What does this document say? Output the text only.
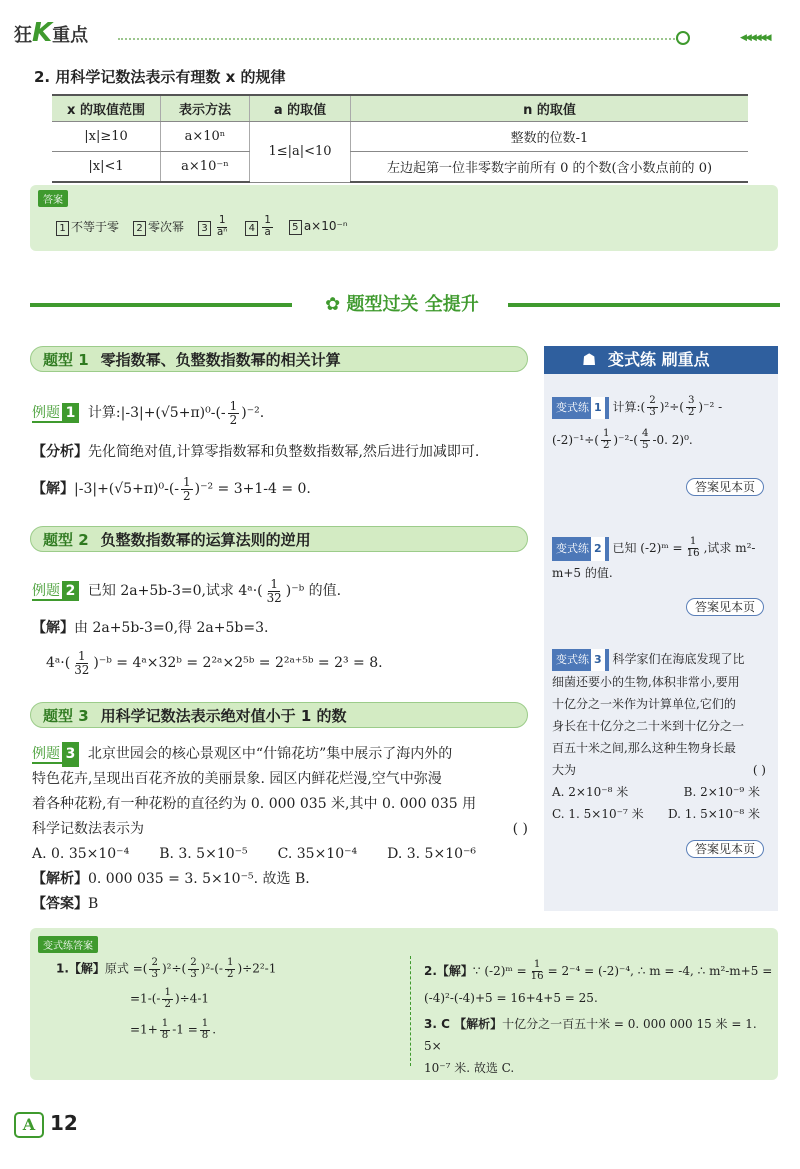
狂K重点	◀◀◀◀◀◀
2. 用科学记数法表示有理数 x 的规律
x 的取值范围	表示方法	a 的取值	n 的取值
|x|≥10	a×10ⁿ	1≤|a|<10	整数的位数-1
|x|<1	a×10⁻ⁿ		左边起第一位非零数字前所有 0 的个数(含小数点前的 0)
答案
1 不等于零	2 零次幂	$3 \frac{1}{\text{aⁿ}}$	$4 \frac{1}{a}$	5 a×10⁻ⁿ
✿ 题型过关 全提升
题型 1 零指数幂、负整数指数幂的相关计算
例题 1 计算:|-3|+(√5+π)⁰-(- $\frac{1}{2} )^{-2}$.
【分析】先化简绝对值,计算零指数幂和负整数指数幂,然后进行加减即可.
【解】$|-3|+(√5+\pi)^0-(- \frac{1}{2} )^{-2} = 3+1-4 = 0$.
题型 2 负整数指数幂的运算法则的逆用
例题 2 已知 2a+5b-3=0,试求 4ᵃ·( $\frac{1}{32}$ )⁻ᵇ 的值.
【解】由 2a+5b-3=0,得 2a+5b=3.
4ᵃ·( $\frac{1}{32}$ )⁻ᵇ = 4ᵃ×32ᵇ = 2²ᵃ×2⁵ᵇ = 2²ᵃ⁺⁵ᵇ = 2³ = 8.
题型 3 用科学记数法表示绝对值小于 1 的数
例题 3 北京世园会的核心景观区中“什锦花坊”集中展示了海内外的
特色花卉,呈现出百花齐放的美丽景象. 园区内鲜花烂漫,空气中弥漫
着各种花粉,有一种花粉的直径约为 0. 000 035 米,其中 0. 000 035 用
科学记数法表示为	( )
A. 0. 35×10⁻⁴ B. 3. 5×10⁻⁵ C. 35×10⁻⁴ D. 3. 5×10⁻⁶
【解析】0. 000 035 = 3. 5×10⁻⁵. 故选 B.
【答案】B
☗ 变式练 刷重点
变式练 1 计算:( $\frac{2}{3} )^2\div( \frac{3}{2} )^{-2}$ -
$(-2)^{-1}\div( \frac{1}{2} )^{-2}-( \frac{4}{5} -0$. 2)⁰.
答案见本页
变式练 2 已知 (-2)ᵐ = $\frac{1}{16}$ ,试求 m²-
m+5 的值.
答案见本页
变式练 3 科学家们在海底发现了比
细菌还要小的生物,体积非常小,要用
十亿分之一米作为计算单位,它们的
身长在十亿分之二十米到十亿分之一
百五十米之间,那么这种生物身长最
大为	( )
A. 2×10⁻⁸ 米	B. 2×10⁻⁹ 米
C. 1. 5×10⁻⁷ 米 D. 1. 5×10⁻⁸ 米
答案见本页
变式练答案
1.【解】原式 =( $\frac{2}{3} )^2\div( \frac{2}{3} )^2-(- \frac{1}{2} )\div 2^2-1$
$=1-(- \frac{1}{2} )\div 4-1$
$=1+ \frac{1}{8} -1 = \frac{1}{8}$ .
2.【解】∵ (-2)ᵐ = $\frac{1}{16} = 2^{-4} = (-2)^{-4}$, ∴ m = -4, ∴ m²-m+5 =
(-4)²-(-4)+5 = 16+4+5 = 25.
3. C 【解析】十亿分之一百五十米 = 0. 000 000 15 米 = 1. 5×
10⁻⁷ 米. 故选 C.
A 12
